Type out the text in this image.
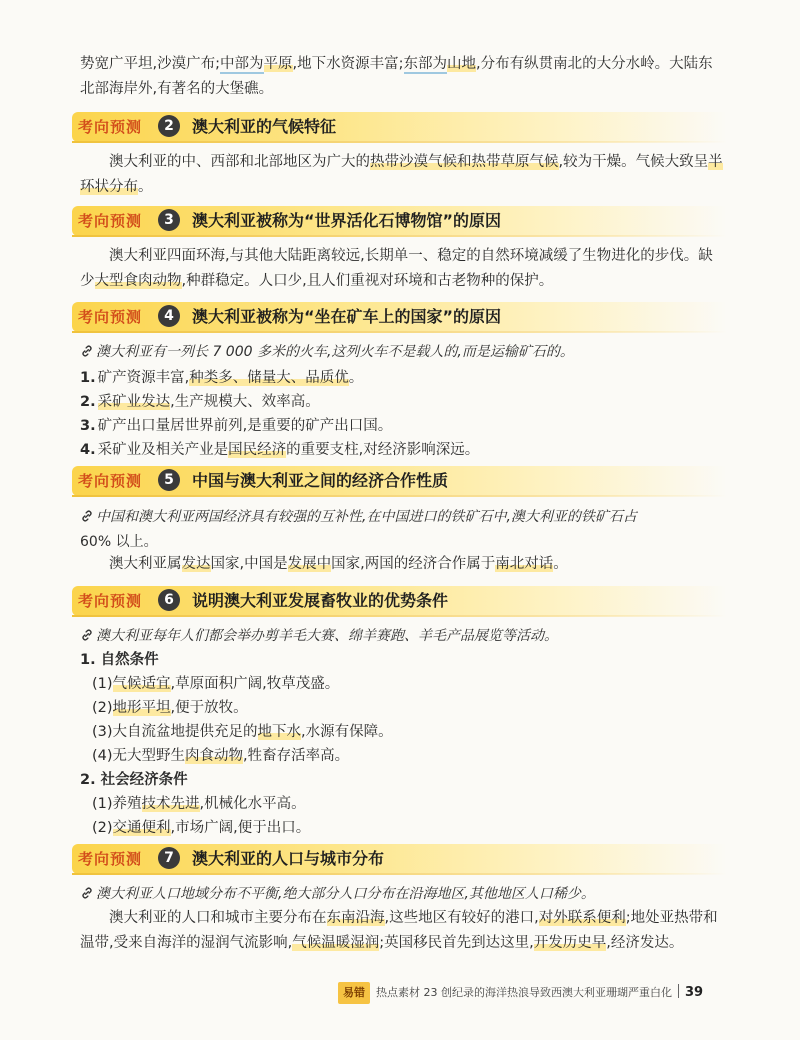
势宽广平坦,沙漠广布;中部为平原,地下水资源丰富;东部为山地,分布有纵贯南北的大分水岭。大陆东北部海岸外,有著名的大堡礁。
考向预测	2	澳大利亚的气候特征
澳大利亚的中、西部和北部地区为广大的热带沙漠气候和热带草原气候,较为干燥。气候大致呈半环状分布。
考向预测	3	澳大利亚被称为“世界活化石博物馆”的原因
澳大利亚四面环海,与其他大陆距离较远,长期单一、稳定的自然环境减缓了生物进化的步伐。缺少大型食肉动物,种群稳定。人口少,且人们重视对环境和古老物种的保护。
考向预测	4	澳大利亚被称为“坐在矿车上的国家”的原因
澳大利亚有一列长 7 000 多米的火车,这列火车不是载人的,而是运输矿石的。
1. 矿产资源丰富,种类多、储量大、品质优。
2. 采矿业发达,生产规模大、效率高。
3. 矿产出口量居世界前列,是重要的矿产出口国。
4. 采矿业及相关产业是国民经济的重要支柱,对经济影响深远。
考向预测	5	中国与澳大利亚之间的经济合作性质
中国和澳大利亚两国经济具有较强的互补性,在中国进口的铁矿石中,澳大利亚的铁矿石占
60% 以上。
澳大利亚属发达国家,中国是发展中国家,两国的经济合作属于南北对话。
考向预测	6	说明澳大利亚发展畜牧业的优势条件
澳大利亚每年人们都会举办剪羊毛大赛、绵羊赛跑、羊毛产品展览等活动。
1. 自然条件
(1)气候适宜,草原面积广阔,牧草茂盛。
(2)地形平坦,便于放牧。
(3)大自流盆地提供充足的地下水,水源有保障。
(4)无大型野生肉食动物,牲畜存活率高。
2. 社会经济条件
(1)养殖技术先进,机械化水平高。
(2)交通便利,市场广阔,便于出口。
考向预测	7	澳大利亚的人口与城市分布
澳大利亚人口地域分布不平衡,绝大部分人口分布在沿海地区,其他地区人口稀少。
澳大利亚的人口和城市主要分布在东南沿海,这些地区有较好的港口,对外联系便利;地处亚热带和温带,受来自海洋的湿润气流影响,气候温暖湿润;英国移民首先到达这里,开发历史早,经济发达。
易错 热点素材 23 创纪录的海洋热浪导致西澳大利亚珊瑚严重白化 39
